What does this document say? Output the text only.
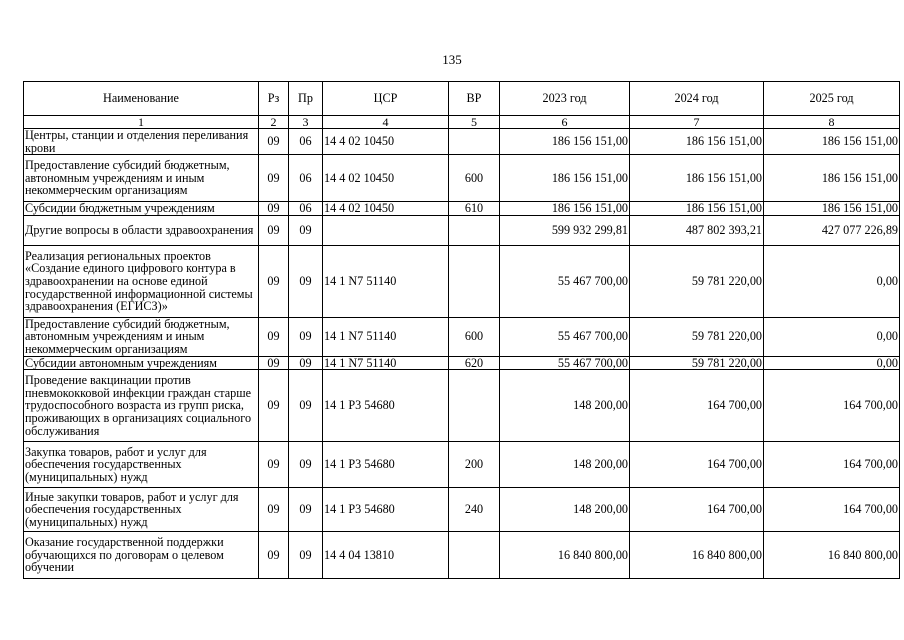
135
Наименование	Рз	Пр	ЦСР	ВР	2023 год	2024 год	2025 год
1	2	3	4	5	6	7	8
Центры, станции и отделения переливания крови	09	06	14 4 02 10450		186 156 151,00	186 156 151,00	186 156 151,00
Предоставление субсидий бюджетным, автономным учреждениям и иным некоммерческим организациям	09	06	14 4 02 10450	600	186 156 151,00	186 156 151,00	186 156 151,00
Субсидии бюджетным учреждениям	09	06	14 4 02 10450	610	186 156 151,00	186 156 151,00	186 156 151,00
Другие вопросы в области здравоохранения	09	09			599 932 299,81	487 802 393,21	427 077 226,89
Реализация региональных проектов «Создание единого цифрового контура в здравоохранении на основе единой государственной информационной системы здравоохранения (ЕГИСЗ)»	09	09	14 1 N7 51140		55 467 700,00	59 781 220,00	0,00
Предоставление субсидий бюджетным, автономным учреждениям и иным некоммерческим организациям	09	09	14 1 N7 51140	600	55 467 700,00	59 781 220,00	0,00
Субсидии автономным учреждениям	09	09	14 1 N7 51140	620	55 467 700,00	59 781 220,00	0,00
Проведение вакцинации против пневмококковой инфекции граждан старше трудоспособного возраста из групп риска, проживающих в организациях социального обслуживания	09	09	14 1 P3 54680		148 200,00	164 700,00	164 700,00
Закупка товаров, работ и услуг для обеспечения государственных (муниципальных) нужд	09	09	14 1 P3 54680	200	148 200,00	164 700,00	164 700,00
Иные закупки товаров, работ и услуг для обеспечения государственных (муниципальных) нужд	09	09	14 1 P3 54680	240	148 200,00	164 700,00	164 700,00
Оказание государственной поддержки обучающихся по договорам о целевом обучении	09	09	14 4 04 13810		16 840 800,00	16 840 800,00	16 840 800,00
